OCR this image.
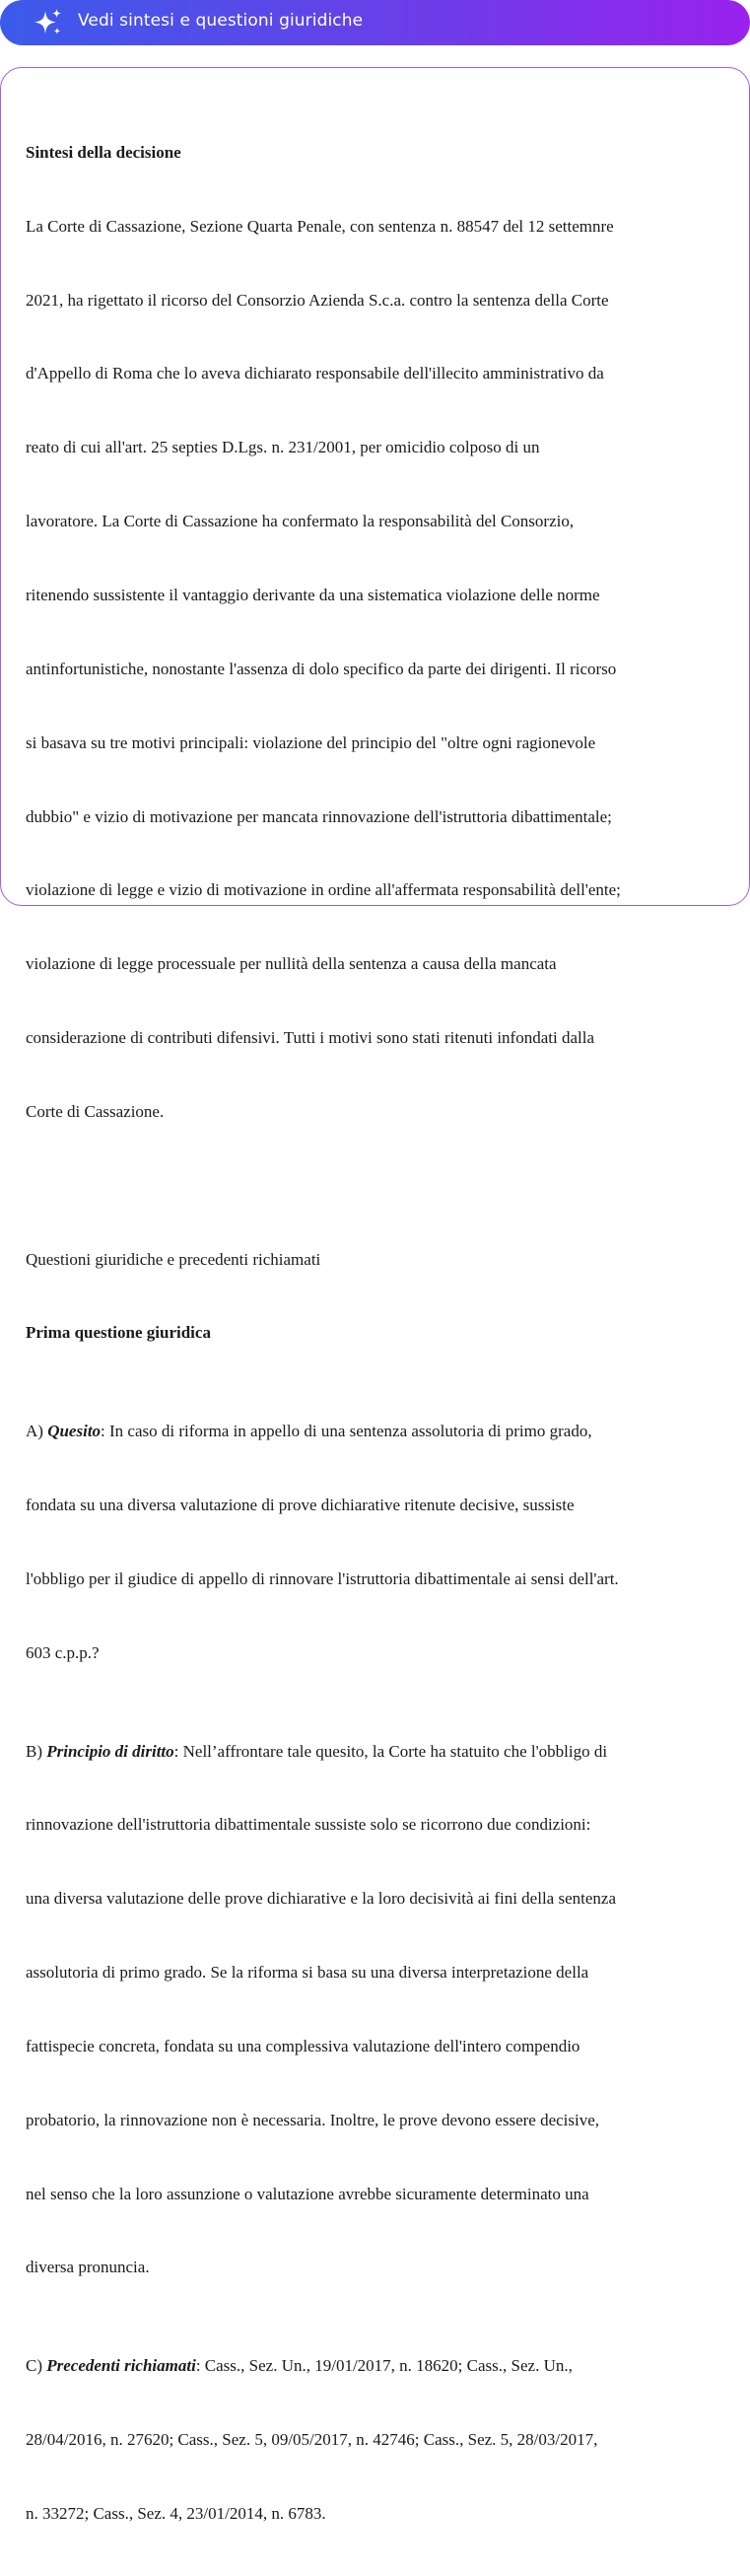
Vedi sintesi e questioni giuridiche

Sintesi della decisione

La Corte di Cassazione, Sezione Quarta Penale, con sentenza n. 88547 del 12 settemnre

2021, ha rigettato il ricorso del Consorzio Azienda S.c.a. contro la sentenza della Corte

d'Appello di Roma che lo aveva dichiarato responsabile dell'illecito amministrativo da

reato di cui all'art. 25 septies D.Lgs. n. 231/2001, per omicidio colposo di un

lavoratore. La Corte di Cassazione ha confermato la responsabilità del Consorzio,

ritenendo sussistente il vantaggio derivante da una sistematica violazione delle norme

antinfortunistiche, nonostante l'assenza di dolo specifico da parte dei dirigenti. Il ricorso

si basava su tre motivi principali: violazione del principio del "oltre ogni ragionevole

dubbio" e vizio di motivazione per mancata rinnovazione dell'istruttoria dibattimentale;

violazione di legge e vizio di motivazione in ordine all'affermata responsabilità dell'ente;

violazione di legge processuale per nullità della sentenza a causa della mancata

considerazione di contributi difensivi. Tutti i motivi sono stati ritenuti infondati dalla

Corte di Cassazione.

Questioni giuridiche e precedenti richiamati

Prima questione giuridica

A) Quesito: In caso di riforma in appello di una sentenza assolutoria di primo grado,

fondata su una diversa valutazione di prove dichiarative ritenute decisive, sussiste

l'obbligo per il giudice di appello di rinnovare l'istruttoria dibattimentale ai sensi dell'art.

603 c.p.p.?

B) Principio di diritto: Nell’affrontare tale quesito, la Corte ha statuito che l'obbligo di

rinnovazione dell'istruttoria dibattimentale sussiste solo se ricorrono due condizioni:

una diversa valutazione delle prove dichiarative e la loro decisività ai fini della sentenza

assolutoria di primo grado. Se la riforma si basa su una diversa interpretazione della

fattispecie concreta, fondata su una complessiva valutazione dell'intero compendio

probatorio, la rinnovazione non è necessaria. Inoltre, le prove devono essere decisive,

nel senso che la loro assunzione o valutazione avrebbe sicuramente determinato una

diversa pronuncia.

C) Precedenti richiamati: Cass., Sez. Un., 19/01/2017, n. 18620; Cass., Sez. Un.,

28/04/2016, n. 27620; Cass., Sez. 5, 09/05/2017, n. 42746; Cass., Sez. 5, 28/03/2017,

n. 33272; Cass., Sez. 4, 23/01/2014, n. 6783.
